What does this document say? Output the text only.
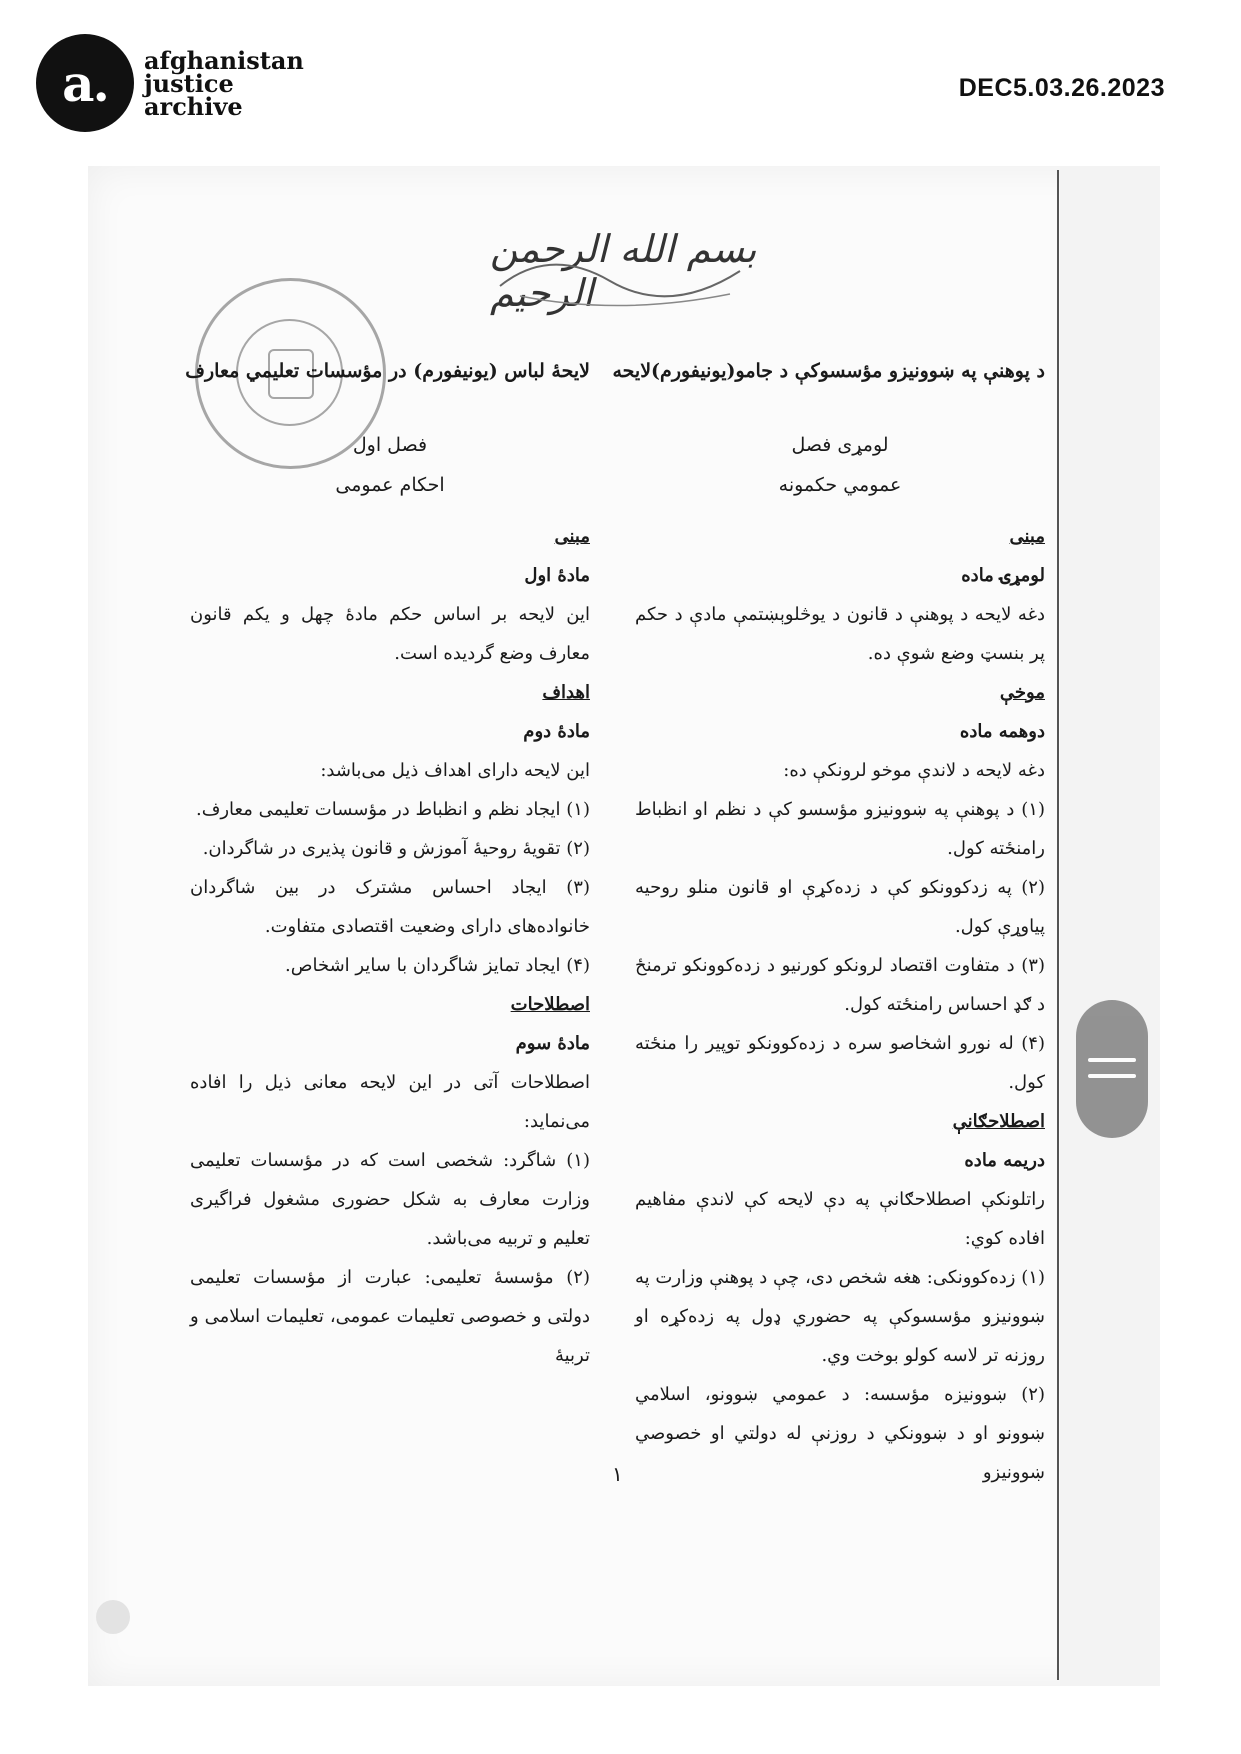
a. afghanistan
justice
archive
DEC5.03.26.2023
بسم الله الرحمن الرحيم
د پوهنې په ښوونيزو مؤسسوکې د جامو(يونيفورم)لايحه
لومړی فصل
عمومي حکمونه
مبنی
لومړۍ ماده

دغه لايحه د پوهنې د قانون د يوڅلوېښتمې مادې د حکم پر بنسټ وضع شوې ده.

موخې
دوهمه ماده

دغه لايحه د لاندې موخو لرونکې ده:

(۱) د پوهنې په ښوونيزو مؤسسو کې د نظم او انظباط رامنځته کول.

(۲) په زدکوونکو کې د زده‌کړې او قانون منلو روحيه پياوړې کول.

(۳) د متفاوت اقتصاد لرونکو کورنيو د زده‌کوونکو ترمنځ د ګډ احساس رامنځته کول.

(۴) له نورو اشخاصو سره د زده‌کوونکو توپير را منځته کول.

اصطلاحګانې
دريمه ماده

راتلونکې اصطلاحګانې په دې لايحه کې لاندې مفاهيم افاده کوي:

(۱) زده‌کوونکی: هغه شخص دی، چې د پوهنې وزارت په ښوونيزو مؤسسوکې په حضوري ډول په زده‌کړه او روزنه تر لاسه کولو بوخت وي.

(۲) ښوونيزه مؤسسه: د عمومي ښوونو، اسلامي ښوونو او د ښوونکي د روزنې له دولتي او خصوصي ښوونيزو

لايحهٔ لباس (يونيفورم) در مؤسسات تعليمي معارف
فصل اول
احکام عمومی
مبنی
مادهٔ اول

اين لايحه بر اساس حکم مادهٔ چهل و يکم قانون معارف وضع گرديده است.

اهداف
مادهٔ دوم

اين لايحه دارای اهداف ذيل می‌باشد:

(۱) ايجاد نظم و انظباط در مؤسسات تعليمی معارف.

(۲) تقويهٔ روحيهٔ آموزش و قانون پذيری در شاگردان.

(۳) ايجاد احساس مشترک در بين شاگردان خانواده‌های دارای وضعيت اقتصادی متفاوت.

(۴) ايجاد تمايز شاگردان با ساير اشخاص.

اصطلاحات
مادهٔ سوم

اصطلاحات آتی در اين لايحه معانی ذيل را افاده می‌نمايد:

(۱) شاگرد: شخصی است که در مؤسسات تعليمی وزارت معارف به شکل حضوری مشغول فراگيری تعليم و تربيه می‌باشد.

(۲) مؤسسهٔ تعليمی: عبارت از مؤسسات تعليمی دولتی و خصوصی تعليمات عمومی، تعليمات اسلامی و تربيهٔ

۱
